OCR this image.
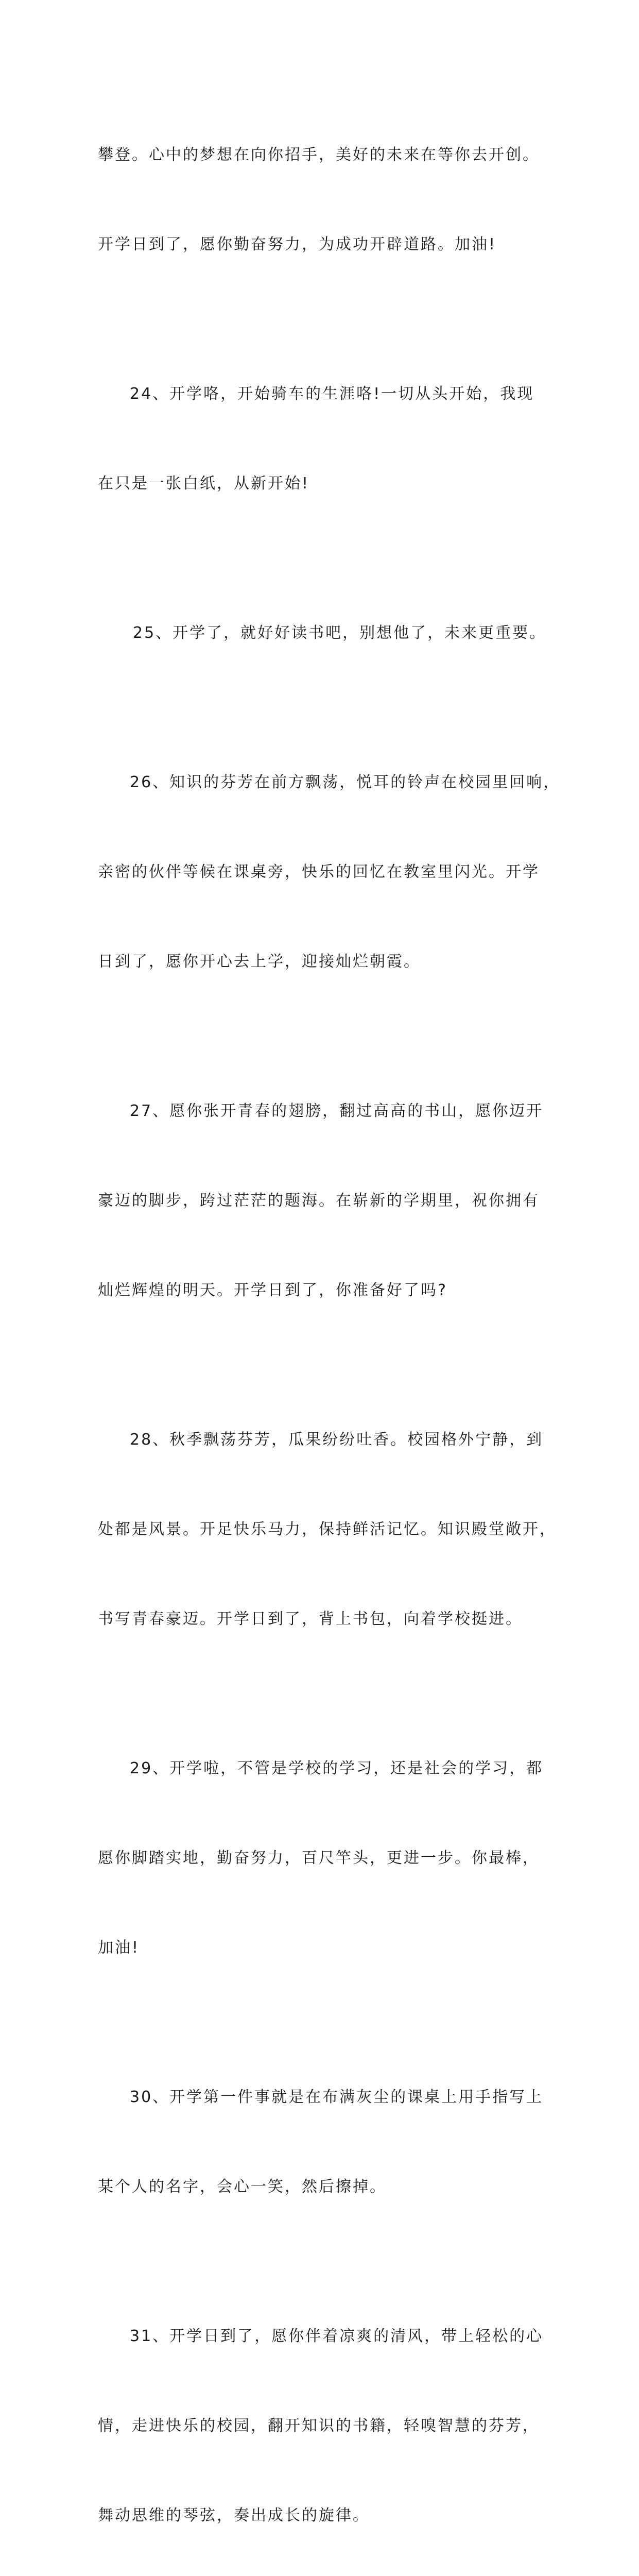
攀登。心中的梦想在向你招手，美好的未来在等你去开创。

开学日到了，愿你勤奋努力，为成功开辟道路。加油!

24、开学咯，开始骑车的生涯咯!一切从头开始，我现

在只是一张白纸，从新开始!

25、开学了，就好好读书吧，别想他了，未来更重要。

26、知识的芬芳在前方飘荡，悦耳的铃声在校园里回响，

亲密的伙伴等候在课桌旁，快乐的回忆在教室里闪光。开学

日到了，愿你开心去上学，迎接灿烂朝霞。

27、愿你张开青春的翅膀，翻过高高的书山，愿你迈开

豪迈的脚步，跨过茫茫的题海。在崭新的学期里，祝你拥有

灿烂辉煌的明天。开学日到了，你准备好了吗?

28、秋季飘荡芬芳，瓜果纷纷吐香。校园格外宁静，到

处都是风景。开足快乐马力，保持鲜活记忆。知识殿堂敞开，

书写青春豪迈。开学日到了，背上书包，向着学校挺进。

29、开学啦，不管是学校的学习，还是社会的学习，都

愿你脚踏实地，勤奋努力，百尺竿头，更进一步。你最棒，

加油!

30、开学第一件事就是在布满灰尘的课桌上用手指写上

某个人的名字，会心一笑，然后擦掉。

31、开学日到了，愿你伴着凉爽的清风，带上轻松的心

情，走进快乐的校园，翻开知识的书籍，轻嗅智慧的芬芳，

舞动思维的琴弦，奏出成长的旋律。
